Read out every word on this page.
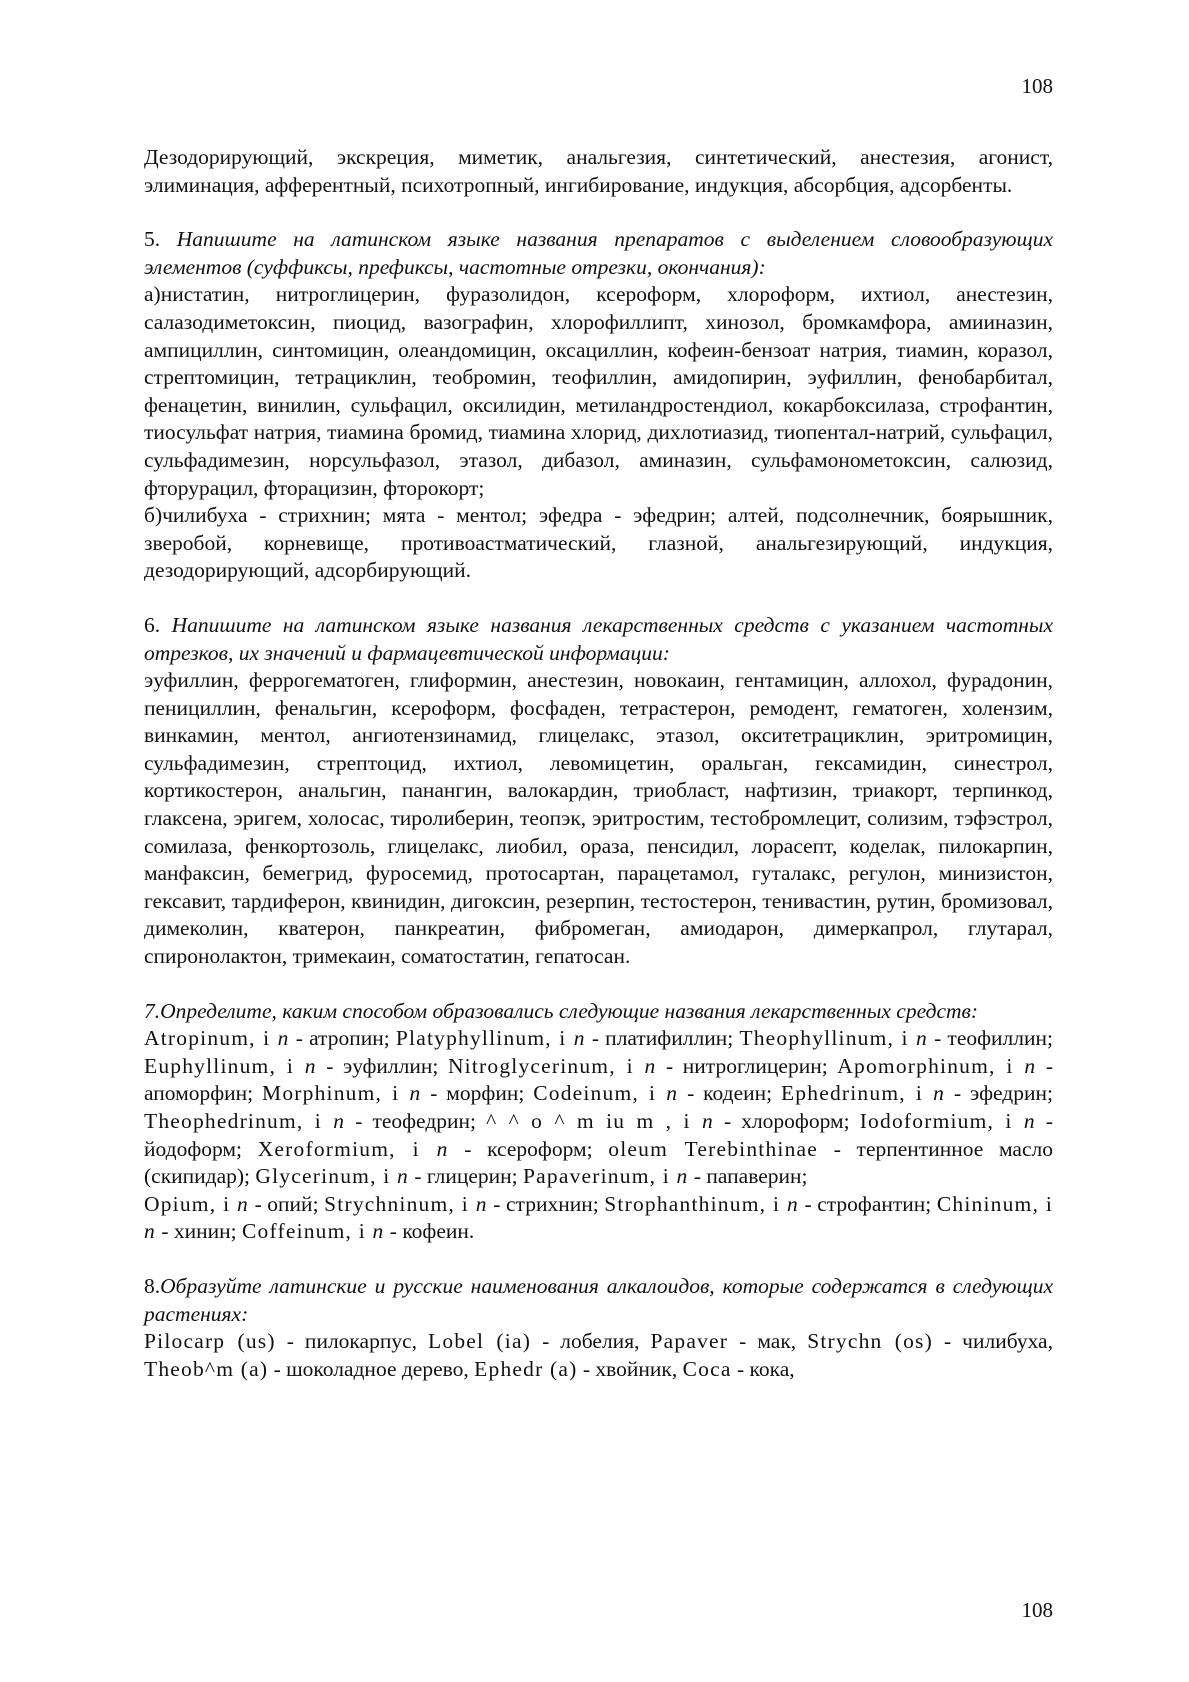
108

Дезодорирующий, экскреция, миметик, анальгезия, синтетический, анестезия, агонист, элиминация, афферентный, психотропный, ингибирование, индукция, абсорбция, адсорбенты.

5. Напишите на латинском языке названия препаратов с выделением словообразующих элементов (суффиксы, префиксы, частотные отрезки, окончания):

а)нистатин, нитроглицерин, фуразолидон, ксероформ, хлороформ, ихтиол, анестезин, салазодиметоксин, пиоцид, вазографин, хлорофиллипт, хинозол, бромкамфора, амииназин, ампициллин, синтомицин, олеандомицин, оксациллин, кофеин-бензоат натрия, тиамин, коразол, стрептомицин, тетрациклин, теобромин, теофиллин, амидопирин, эуфиллин, фенобарбитал, фенацетин, винилин, сульфацил, оксилидин, метиландростендиол, кокарбоксилаза, строфантин, тиосульфат натрия, тиамина бромид, тиамина хлорид, дихлотиазид, тиопентал-натрий, сульфацил, сульфадимезин, норсульфазол, этазол, дибазол, аминазин, сульфамонометоксин, салюзид, фторурацил, фторацизин, фторокорт;

б)чилибуха - стрихнин; мята - ментол; эфедра - эфедрин; алтей, подсолнечник, боярышник, зверобой, корневище, противоастматический, глазной, анальгезирующий, индукция, дезодорирующий, адсорбирующий.

6. Напишите на латинском языке названия лекарственных средств с указанием частотных отрезков, их значений и фармацевтической информации:

эуфиллин, феррогематоген, глиформин, анестезин, новокаин, гентамицин, аллохол, фурадонин, пенициллин, фенальгин, ксероформ, фосфаден, тетрастерон, ремодент, гематоген, холензим, винкамин, ментол, ангиотензинамид, глицелакс, этазол, окситетрациклин, эритромицин, сульфадимезин, стрептоцид, ихтиол, левомицетин, оральган, гексамидин, синестрол, кортикостерон, анальгин, панангин, валокардин, триобласт, нафтизин, триакорт, терпинкод, глаксена, эригем, холосас, тиролиберин, теопэк, эритростим, тестобромлецит, солизим, тэфэстрол, сомилаза, фенкортозоль, глицелакс, лиобил, ораза, пенсидил, лорасепт, коделак, пилокарпин, манфаксин, бемегрид, фуросемид, протосартан, парацетамол, гуталакс, регулон, минизистон, гексавит, тардиферон, квинидин, дигоксин, резерпин, тестостерон, тенивастин, рутин, бромизовал, димеколин, кватерон, панкреатин, фибромеган, амиодарон, димеркапрол, глутарал, спиронолактон, тримекаин, соматостатин, гепатосан.

7.Определите, каким способом образовались следующие названия лекарственных средств:

Atropinum, i n - атропин; Platyphyllinum, i n - платифиллин; Theophyllinum, i n - теофиллин; Euphyllinum, i n - эуфиллин; Nitroglycerinum, i n - нитроглицерин; Apomorphinum, i n - апоморфин; Morphinum, i n - морфин; Codeinum, i n - кодеин; Ephedrinum, i n - эфедрин; Theophedrinum, i n - теофедрин; ^ ^ o ^ m iu m , i n - хлороформ; Iodoformium, i n - йодоформ; Xeroformium, i n - ксероформ; oleum Terebinthinae - терпентинное масло (скипидар); Glycerinum, i n - глицерин; Papaverinum, i n - папаверин;

Opium, i n - опий; Strychninum, i n - стрихнин; Strophanthinum, i n - строфантин; Chininum, i n - хинин; Coffeinum, i n - кофеин.

8.Образуйте латинские и русские наименования алкалоидов, которые содержатся в следующих растениях:

Pilocarp (us) - пилокарпус, Lobel (ia) - лобелия, Papaver - мак, Strychn (os) - чилибуха, Theob^m (a) - шоколадное дерево, Ephedr (a) - хвойник, Coca - кока,

108
